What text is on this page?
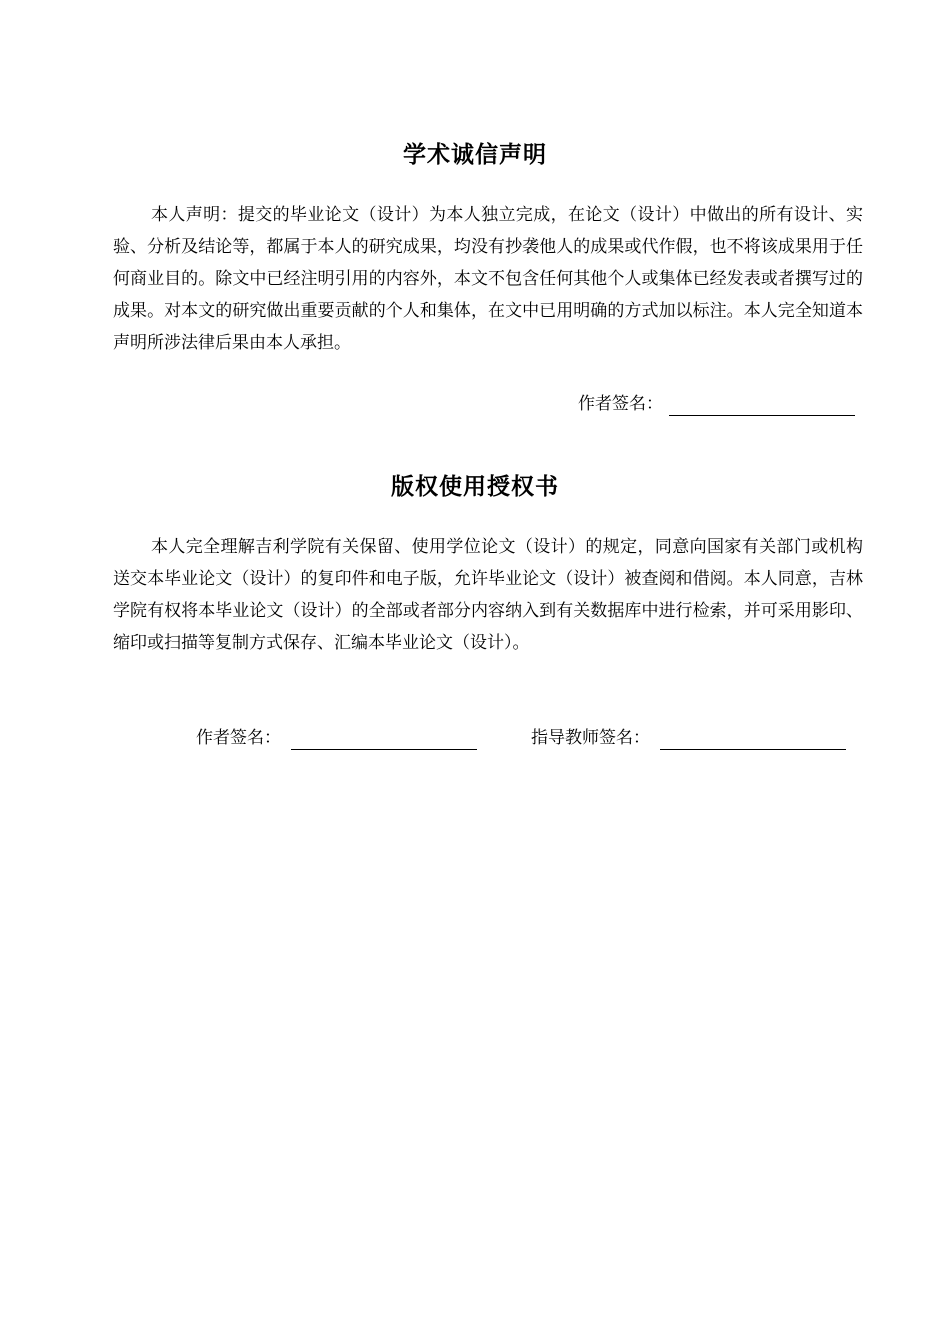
学术诚信声明

本人声明：提交的毕业论文（设计）为本人独立完成，在论文（设计）中做出的所有设计、实验、分析及结论等，都属于本人的研究成果，均没有抄袭他人的成果或代作假，也不将该成果用于任何商业目的。除文中已经注明引用的内容外，本文不包含任何其他个人或集体已经发表或者撰写过的成果。对本文的研究做出重要贡献的个人和集体，在文中已用明确的方式加以标注。本人完全知道本声明所涉法律后果由本人承担。

作者签名：
版权使用授权书

本人完全理解吉利学院有关保留、使用学位论文（设计）的规定，同意向国家有关部门或机构送交本毕业论文（设计）的复印件和电子版，允许毕业论文（设计）被查阅和借阅。本人同意，吉林学院有权将本毕业论文（设计）的全部或者部分内容纳入到有关数据库中进行检索，并可采用影印、缩印或扫描等复制方式保存、汇编本毕业论文（设计）。

作者签名：	指导教师签名：
